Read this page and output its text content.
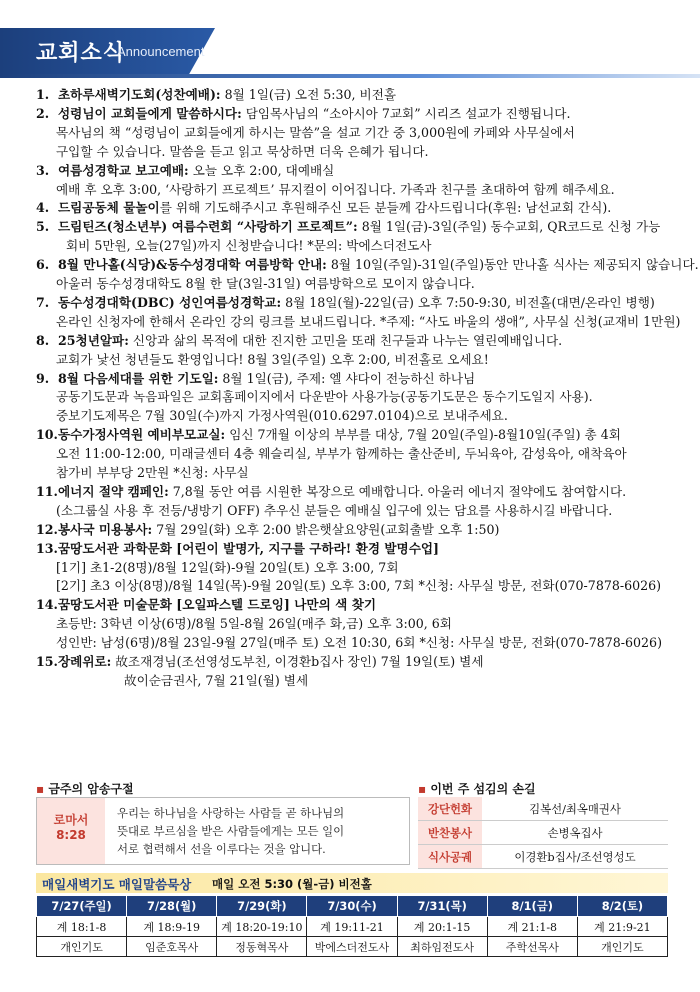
교회소식
Announcement
1. 초하루새벽기도회(성찬예배): 8월 1일(금) 오전 5:30, 비전홀
2. 성령님이 교회들에게 말씀하시다: 담임목사님의 “소아시아 7교회” 시리즈 설교가 진행됩니다.
목사님의 책 “성령님이 교회들에게 하시는 말씀”을 설교 기간 중 3,000원에 카페와 사무실에서
구입할 수 있습니다. 말씀을 듣고 읽고 묵상하면 더욱 은혜가 됩니다.
3. 여름성경학교 보고예배: 오늘 오후 2:00, 대예배실
예배 후 오후 3:00, ‘사랑하기 프로젝트’ 뮤지컬이 이어집니다. 가족과 친구를 초대하여 함께 해주세요.
4. 드림공동체 물놀이를 위해 기도해주시고 후원해주신 모든 분들께 감사드립니다(후원: 남선교회 간식).
5. 드림틴즈(청소년부) 여름수련회 “사랑하기 프로젝트”: 8월 1일(금)-3일(주일) 동수교회, QR코드로 신청 가능
회비 5만원, 오늘(27일)까지 신청받습니다! *문의: 박에스더전도사
6. 8월 만나홀(식당)&동수성경대학 여름방학 안내: 8월 10일(주일)-31일(주일)동안 만나홀 식사는 제공되지 않습니다.
아울러 동수성경대학도 8월 한 달(3일-31일) 여름방학으로 모이지 않습니다.
7. 동수성경대학(DBC) 성인여름성경학교: 8월 18일(월)-22일(금) 오후 7:50-9:30, 비전홀(대면/온라인 병행)
온라인 신청자에 한해서 온라인 강의 링크를 보내드립니다. *주제: “사도 바울의 생애”, 사무실 신청(교재비 1만원)
8. 25청년알파: 신앙과 삶의 목적에 대한 진지한 고민을 또래 친구들과 나누는 열린예배입니다.
교회가 낯선 청년들도 환영입니다! 8월 3일(주일) 오후 2:00, 비전홀로 오세요!
9. 8월 다음세대를 위한 기도일: 8월 1일(금), 주제: 엘 샤다이 전능하신 하나님
공동기도문과 녹음파일은 교회홈페이지에서 다운받아 사용가능(공동기도문은 동수기도일지 사용).
중보기도제목은 7월 30일(수)까지 가정사역원(010.6297.0104)으로 보내주세요.
10.동수가정사역원 예비부모교실: 임신 7개월 이상의 부부를 대상, 7월 20일(주일)-8월10일(주일) 총 4회
오전 11:00-12:00, 미래글센터 4층 웨슬리실, 부부가 함께하는 출산준비, 두뇌육아, 감성육아, 애착육아
참가비 부부당 2만원 *신청: 사무실
11.에너지 절약 캠페인: 7,8월 동안 여름 시원한 복장으로 예배합니다. 아울러 에너지 절약에도 참여합시다.
(소그룹실 사용 후 전등/냉방기 OFF) 추우신 분들은 예배실 입구에 있는 담요를 사용하시길 바랍니다.
12.봉사국 미용봉사: 7월 29일(화) 오후 2:00 밝은햇살요양원(교회출발 오후 1:50)
13.꿈땅도서관 과학문화 [어린이 발명가, 지구를 구하라! 환경 발명수업]
[1기] 초1-2(8명)/8월 12일(화)-9월 20일(토) 오후 3:00, 7회
[2기] 초3 이상(8명)/8월 14일(목)-9월 20일(토) 오후 3:00, 7회 *신청: 사무실 방문, 전화(070-7878-6026)
14.꿈땅도서관 미술문화 [오일파스텔 드로잉] 나만의 색 찾기
초등반: 3학년 이상(6명)/8월 5일-8월 26일(매주 화,금) 오후 3:00, 6회
성인반: 남성(6명)/8월 23일-9월 27일(매주 토) 오전 10:30, 6회 *신청: 사무실 방문, 전화(070-7878-6026)
15.장례위로: 故조재경님(조선영성도부친, 이경환b집사 장인) 7월 19일(토) 별세
故이순금권사, 7월 21일(월) 별세
▪ 금주의 암송구절
로마서
8:28
우리는 하나님을 사랑하는 사람들 곧 하나님의
뜻대로 부르심을 받은 사람들에게는 모든 일이
서로 협력해서 선을 이루다는 것을 압니다.
▪ 이번 주 섬김의 손길
강단헌화	김복선/최옥매권사
반찬봉사	손병옥집사
식사공궤	이경환b집사/조선영성도
매일새벽기도 매일말씀묵상 매일 오전 5:30 (월-금) 비전홀
7/27(주일)	7/28(월)	7/29(화)	7/30(수)	7/31(목)	8/1(금)	8/2(토)
계 18:1-8	계 18:9-19	계 18:20-19:10	계 19:11-21	계 20:1-15	계 21:1-8	계 21:9-21
개인기도	임준호목사	정동혁목사	박에스더전도사	최하임전도사	주학선목사	개인기도
